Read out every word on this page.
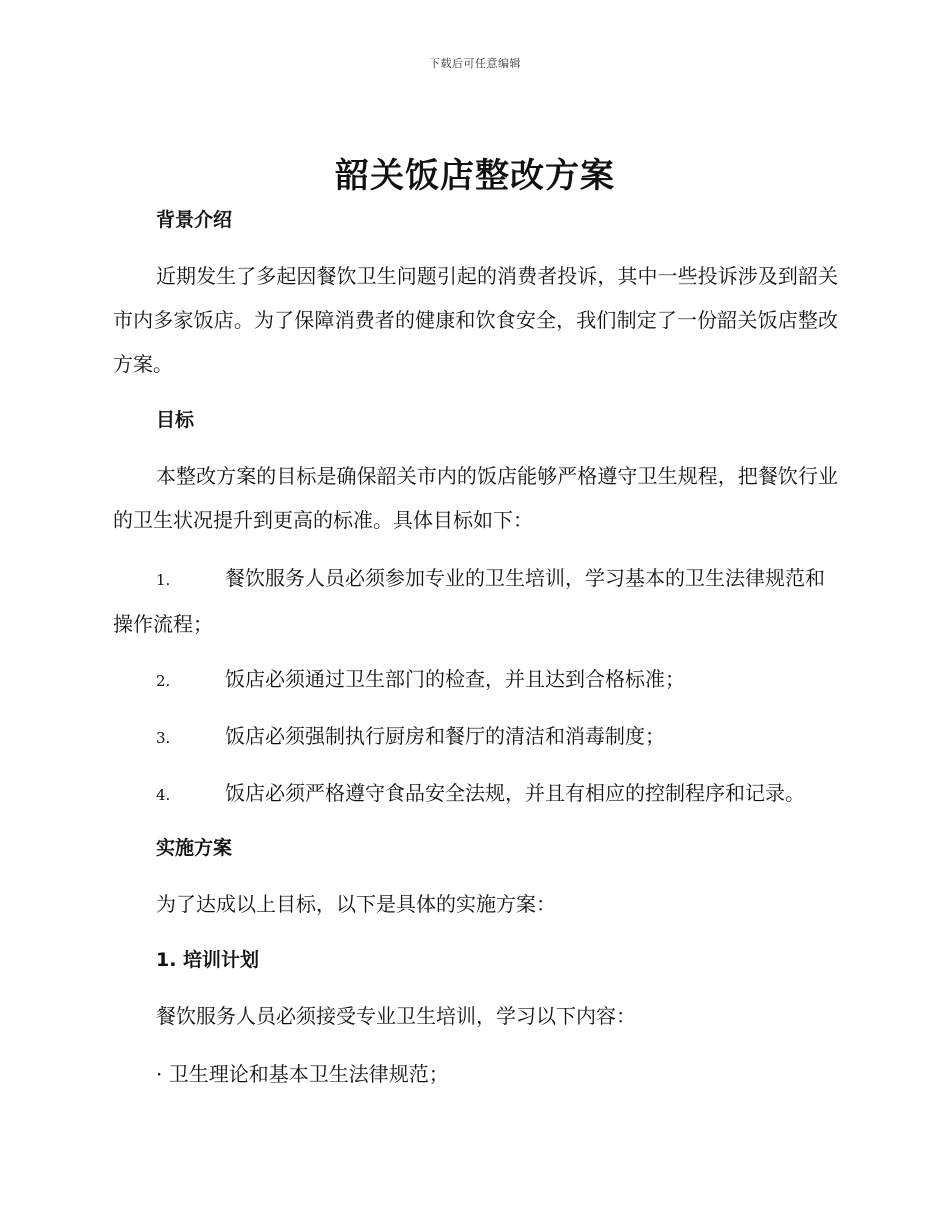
下载后可任意编辑
韶关饭店整改方案
背景介绍

近期发生了多起因餐饮卫生问题引起的消费者投诉，其中一些投诉涉及到韶关市内多家饭店。为了保障消费者的健康和饮食安全，我们制定了一份韶关饭店整改方案。

目标

本整改方案的目标是确保韶关市内的饭店能够严格遵守卫生规程，把餐饮行业的卫生状况提升到更高的标准。具体目标如下：

1.	餐饮服务人员必须参加专业的卫生培训，学习基本的卫生法律规范和操作流程；

2.	饭店必须通过卫生部门的检查，并且达到合格标准；

3.	饭店必须强制执行厨房和餐厅的清洁和消毒制度；

4.	饭店必须严格遵守食品安全法规，并且有相应的控制程序和记录。

实施方案

为了达成以上目标，以下是具体的实施方案：

1. 培训计划

餐饮服务人员必须接受专业卫生培训，学习以下内容：

· 卫生理论和基本卫生法律规范；
